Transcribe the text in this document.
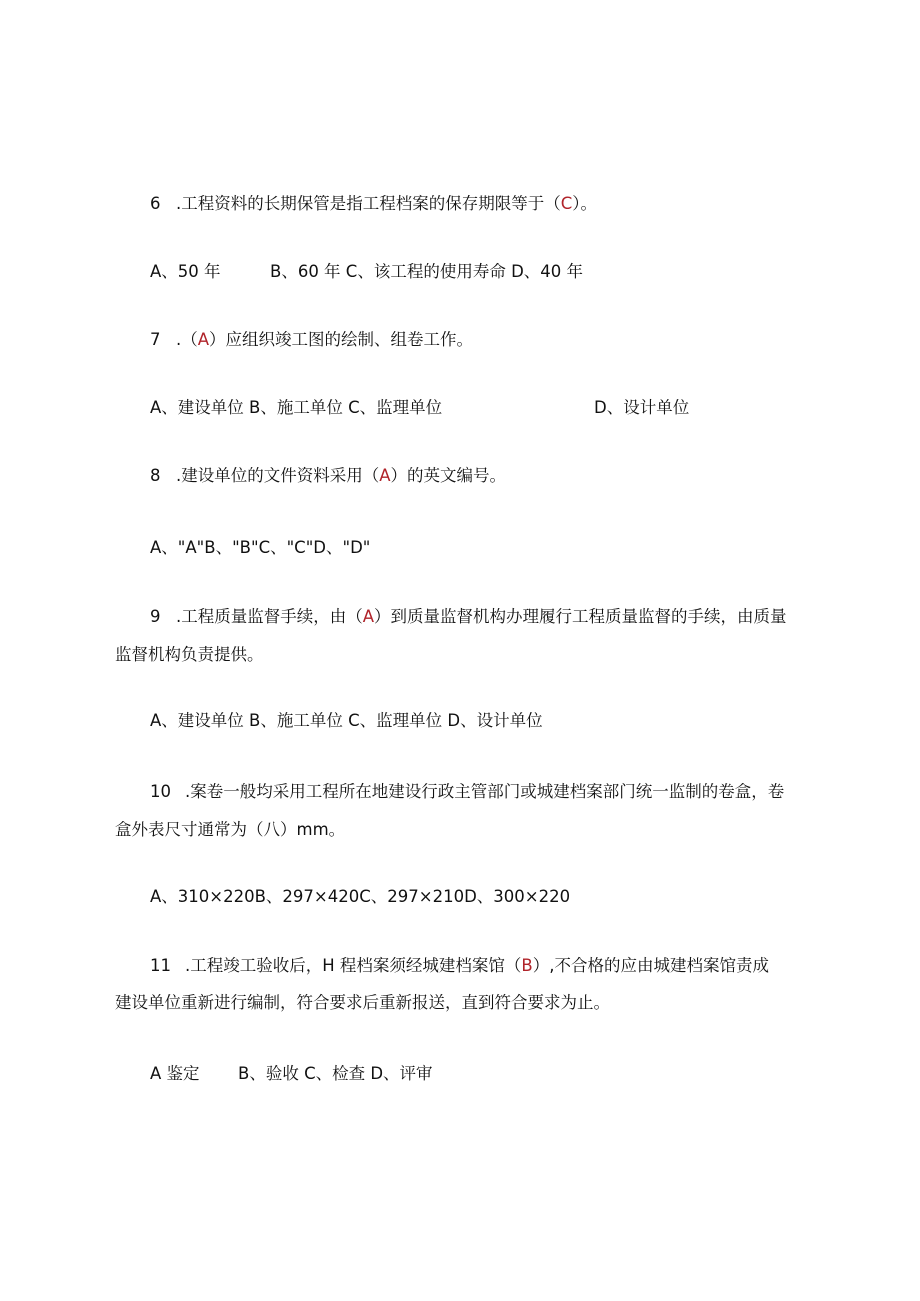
6 .工程资料的长期保管是指工程档案的保存期限等于（C）。
A、50 年	B、60 年 C、该工程的使用寿命 D、40 年
7 .（A）应组织竣工图的绘制、组卷工作。
A、建设单位 B、施工单位 C、监理单位	D、设计单位
8 .建设单位的文件资料采用（A）的英文编号。
A、"A"B、"B"C、"C"D、"D"
9 .工程质量监督手续，由（A）到质量监督机构办理履行工程质量监督的手续，由质量
监督机构负责提供。
A、建设单位 B、施工单位 C、监理单位 D、设计单位
10 .案卷一般均采用工程所在地建设行政主管部门或城建档案部门统一监制的卷盒，卷
盒外表尺寸通常为（八）mm。
A、310×220B、297×420C、297×210D、300×220
11 .工程竣工验收后，H 程档案须经城建档案馆（B）,不合格的应由城建档案馆责成
建设单位重新进行编制，符合要求后重新报送，直到符合要求为止。
A 鉴定 B、验收 C、检查 D、评审
